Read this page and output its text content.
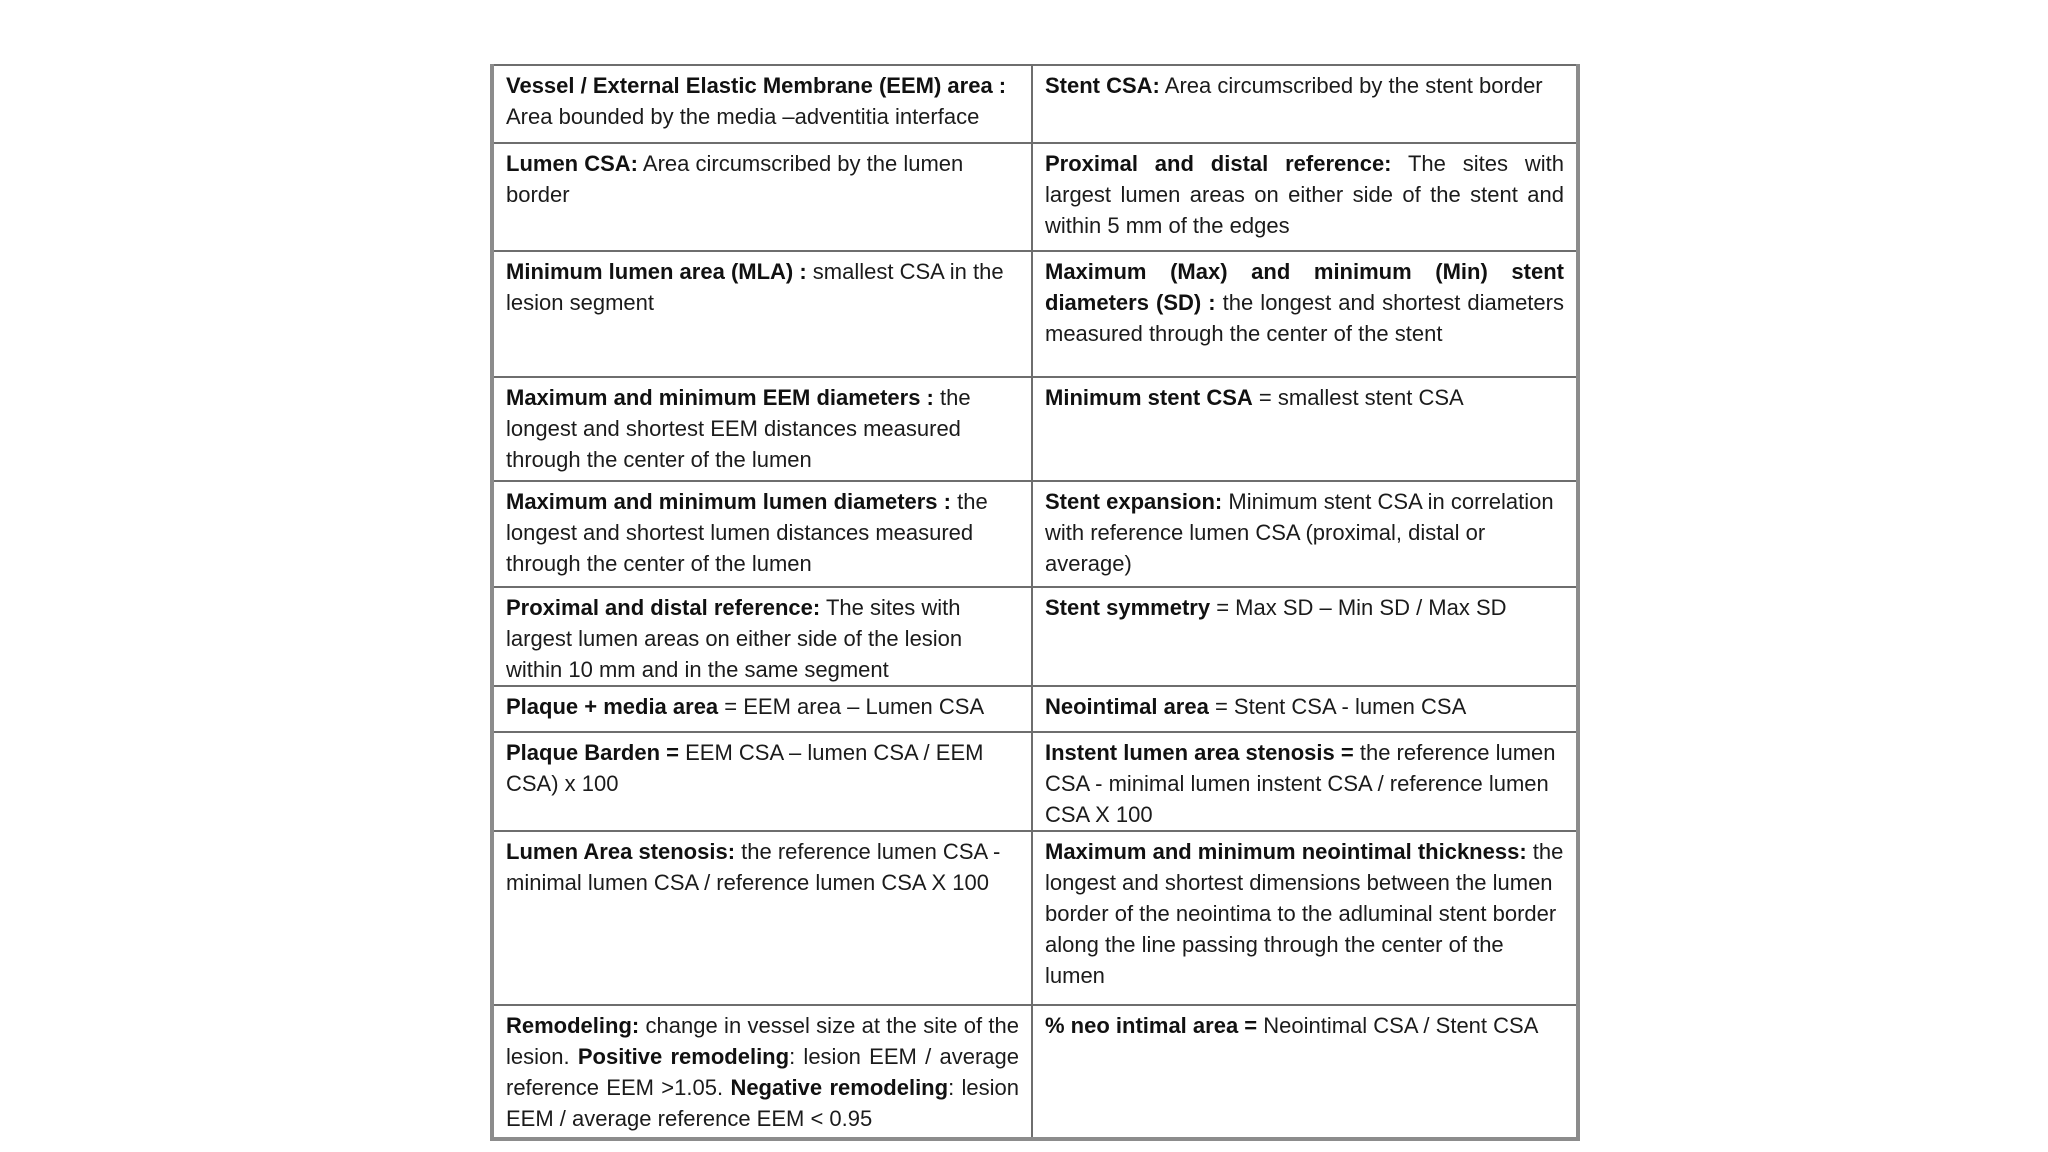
Vessel / External Elastic Membrane (EEM) area : Area bounded by the media –adventitia interface	Stent CSA: Area circumscribed by the stent border
Lumen CSA: Area circumscribed by the lumen border	Proximal and distal reference: The sites with largest lumen areas on either side of the stent and within 5 mm of the edges
Minimum lumen area (MLA) : smallest CSA in the lesion segment	Maximum (Max) and minimum (Min) stent diameters (SD) : the longest and shortest diameters measured through the center of the stent
Maximum and minimum EEM diameters : the longest and shortest EEM distances measured through the center of the lumen	Minimum stent CSA = smallest stent CSA
Maximum and minimum lumen diameters : the longest and shortest lumen distances measured through the center of the lumen	Stent expansion: Minimum stent CSA in correlation with reference lumen CSA (proximal, distal or average)
Proximal and distal reference: The sites with largest lumen areas on either side of the lesion within 10 mm and in the same segment	Stent symmetry = Max SD – Min SD / Max SD
Plaque + media area = EEM area – Lumen CSA	Neointimal area = Stent CSA - lumen CSA
Plaque Barden = EEM CSA – lumen CSA / EEM CSA) x 100	Instent lumen area stenosis = the reference lumen CSA - minimal lumen instent CSA / reference lumen CSA X 100
Lumen Area stenosis: the reference lumen CSA - minimal lumen CSA / reference lumen CSA X 100	Maximum and minimum neointimal thickness: the longest and shortest dimensions between the lumen border of the neointima to the adluminal stent border along the line passing through the center of the lumen
Remodeling: change in vessel size at the site of the lesion. Positive remodeling: lesion EEM / average reference EEM >1.05. Negative remodeling: lesion EEM / average reference EEM < 0.95	% neo intimal area = Neointimal CSA / Stent CSA
